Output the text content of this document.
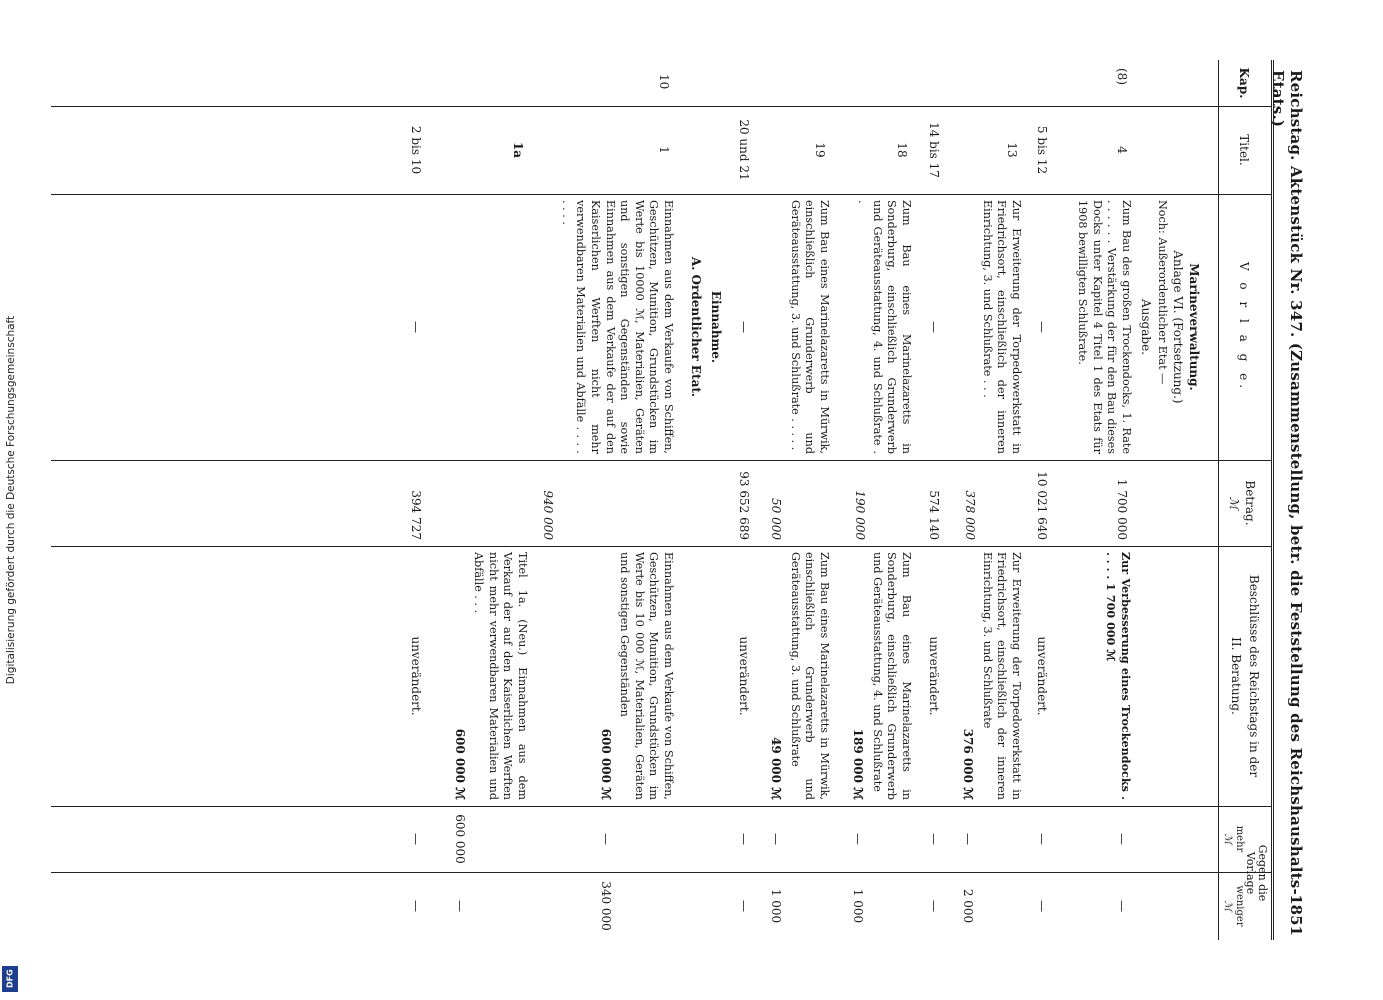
Digitalisierung gefördert durch die Deutsche Forschungsgemeinschaft
DFG
Reichstag. Aktenstück Nr. 347. (Zusammenstellung, betr. die Feststellung des Reichshaushalts-Etats.)
1851
Kap.
Titel.
V o r l a g e.
Betrag.
ℳ
Beschlüsse des Reichstags in der
II. Beratung.
Gegen die
Vorlage
mehr
weniger
ℳ
ℳ
Marineverwaltung.
Anlage VI. (Fortsetzung.)
Noch: Außerordentlicher Etat —
Ausgabe.
(8)
4
Zum Bau des großen Trockendocks, 1. Rate . . . . . . Verstärkung der für den Bau dieses Docks unter Kapitel 4 Titel 1 des Etats für 1908 bewilligten Schlußrate.
1 700 000
Zur Verbesserung eines Trockendocks . . . . . 1 700 000 ℳ
—
—
5 bis 12
—
10 021 640
unverändert.
—
—
13
Zur Erweiterung der Torpedowerkstatt in Friedrichsort, einschließlich der inneren Einrichtung, 3. und Schlußrate . . .
378 000
Zur Erweiterung der Torpedowerkstatt in Friedrichsort, einschließlich der inneren Einrichtung, 3. und Schlußrate
376 000 ℳ
—
2 000
14 bis 17
—
574 140
unverändert.
—
—
18
Zum Bau eines Marinelazaretts in Sonderburg, einschließlich Grunderwerb und Geräteausstattung, 4. und Schlußrate . .
190 000
Zum Bau eines Marinelazaretts in Sonderburg, einschließlich Grunderwerb und Geräteausstattung, 4. und Schlußrate
189 000 ℳ
—
1 000
19
Zum Bau eines Marinelazaretts in Mürwik, einschließlich Grunderwerb und Geräteausstattung, 3. und Schlußrate . . . . .
50 000
Zum Bau eines Marinelazaretts in Mürwik, einschließlich Grunderwerb und Geräteausstattung, 3. und Schlußrate
49 000 ℳ
—
1 000
20 und 21
—
93 652 689
unverändert.
—
—
Einnahme.
A. Ordentlicher Etat.
10
1
Einnahmen aus dem Verkaufe von Schiffen, Geschützen, Munition, Grundstücken im Werte bis 10000 ℳ, Materialien, Geräten und sonstigen Gegenständen sowie Einnahmen aus dem Verkaufe der auf den Kaiserlichen Werften nicht mehr verwendbaren Materialien und Abfälle . . . . . . . .
940 000
Einnahmen aus dem Verkaufe von Schiffen, Geschützen, Munition, Grundstücken im Werte bis 10 000 ℳ, Materialien, Geräten und sonstigen Gegenständen
600 000 ℳ
—
340 000
1a
Titel 1a. (Neu.) Einnahmen aus dem Verkauf der auf den Kaiserlichen Werften nicht mehr verwendbaren Materialien und Abfälle . . .
600 000 ℳ
600 000
—
2 bis 10
—
394 727
unverändert.
—
—
